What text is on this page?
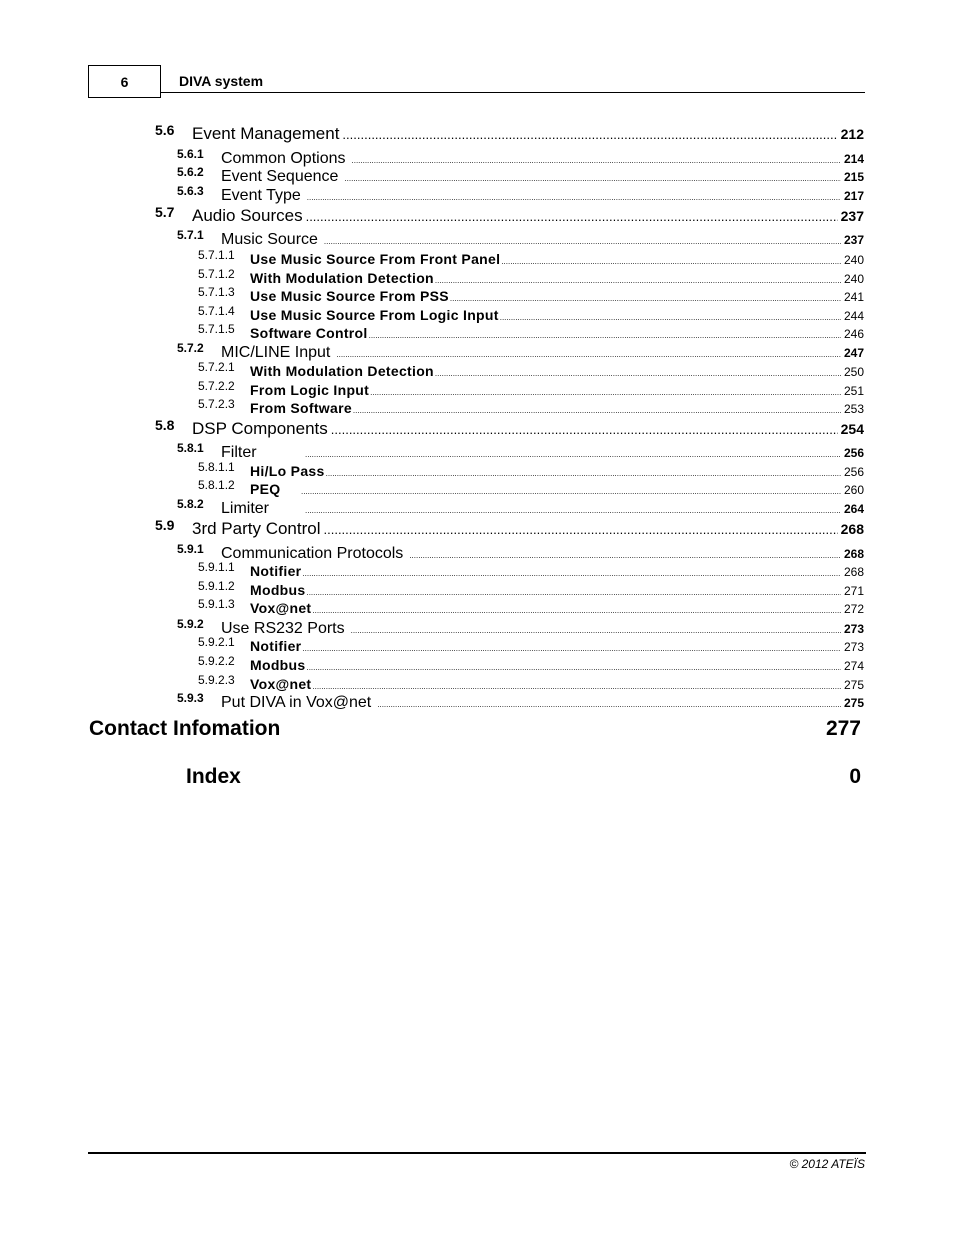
6	DIVA system
5.6 Event Management .....	212
5.6.1 Common Options .....	214
5.6.2 Event Sequence .....	215
5.6.3 Event Type .....	217
5.7 Audio Sources .....	237
5.7.1 Music Source .....	237
5.7.1.1 Use Music Source From Front Panel .....	240
5.7.1.2 With Modulation Detection .....	240
5.7.1.3 Use Music Source From PSS .....	241
5.7.1.4 Use Music Source From Logic Input .....	244
5.7.1.5 Software Control .....	246
5.7.2 MIC/LINE Input .....	247
5.7.2.1 With Modulation Detection .....	250
5.7.2.2 From Logic Input .....	251
5.7.2.3 From Software .....	253
5.8 DSP Components .....	254
5.8.1 Filter .....	256
5.8.1.1 Hi/Lo Pass .....	256
5.8.1.2 PEQ .....	260
5.8.2 Limiter .....	264
5.9 3rd Party Control .....	268
5.9.1 Communication Protocols .....	268
5.9.1.1 Notifier .....	268
5.9.1.2 Modbus .....	271
5.9.1.3 Vox@net .....	272
5.9.2 Use RS232 Ports .....	273
5.9.2.1 Notifier .....	273
5.9.2.2 Modbus .....	274
5.9.2.3 Vox@net .....	275
5.9.3 Put DIVA in Vox@net .....	275
Contact Infomation	277
Index	0
© 2012 ATEÏS
